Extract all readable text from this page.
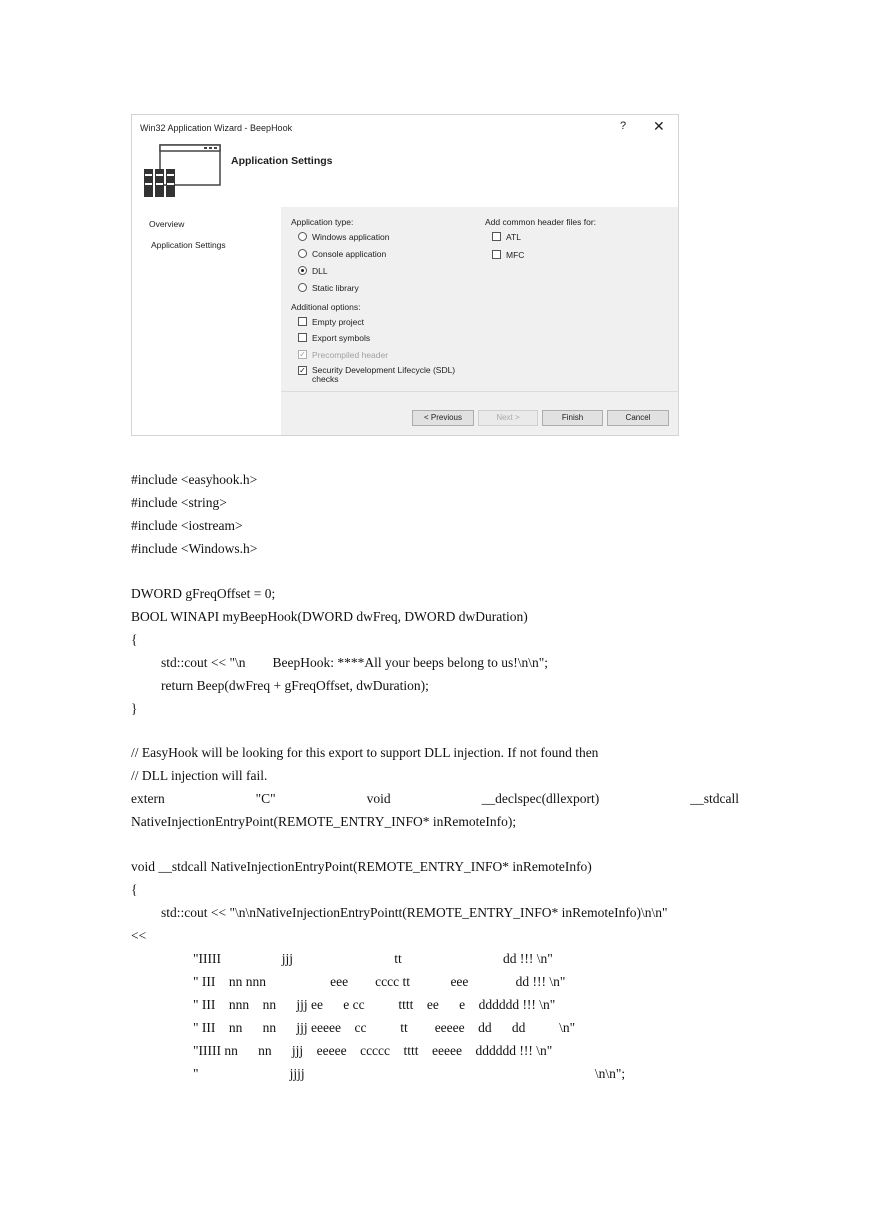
Win32 Application Wizard - BeepHook	? ✕
Application Settings
Overview
Application Settings
Application type:
Windows application
Console application
DLL
Static library
Additional options:
Empty project
Export symbols
✓ Precompiled header
✓ Security Development Lifecycle (SDL)
checks
Add common header files for:
ATL
MFC
< Previous	Next >	Finish	Cancel
#include <easyhook.h>
#include <string>
#include <iostream>
#include <Windows.h>
DWORD gFreqOffset = 0;
BOOL WINAPI myBeepHook(DWORD dwFreq, DWORD dwDuration)
{
std::cout << "\n        BeepHook: ****All your beeps belong to us!\n\n";
return Beep(dwFreq + gFreqOffset, dwDuration);
}
// EasyHook will be looking for this export to support DLL injection. If not found then
// DLL injection will fail.
extern	"C"	void	__declspec(dllexport)	__stdcall
NativeInjectionEntryPoint(REMOTE_ENTRY_INFO* inRemoteInfo);
void __stdcall NativeInjectionEntryPoint(REMOTE_ENTRY_INFO* inRemoteInfo)
{
std::cout << "\n\nNativeInjectionEntryPointt(REMOTE_ENTRY_INFO* inRemoteInfo)\n\n"
<<
"IIIII                  jjj                              tt                              dd !!! \n"
" III    nn nnn                   eee        cccc tt            eee              dd !!! \n"
" III    nnn    nn      jjj ee      e cc          tttt    ee      e    dddddd !!! \n"
" III    nn      nn      jjj eeeee    cc          tt        eeeee    dd      dd          \n"
"IIIII nn      nn      jjj    eeeee    ccccc    tttt    eeeee    dddddd !!! \n"
"                           jjjj                                                                                      \n\n";
